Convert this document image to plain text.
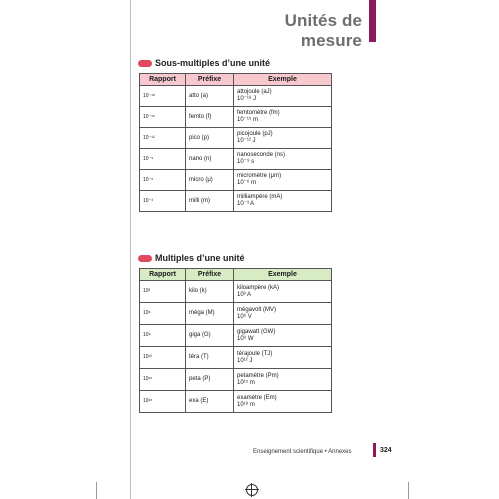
Unités de mesure
Sous-multiples d’une unité
Rapport	Préfixe	Exemple
10⁻¹⁸	atto (a)	attojoule (aJ)
10⁻¹⁸ J

10⁻¹⁵	femto (f)	femtomètre (fm)
10⁻¹⁵ m

10⁻¹²	pico (p)	picojoule (pJ)
10⁻¹² J

10⁻⁹	nano (n)	nanoseconde (ns)
10⁻⁹ s

10⁻⁶	micro (μ)	micromètre (μm)
10⁻⁶ m

10⁻³	milli (m)	milliampère (mA)
10⁻³ A
Multiples d’une unité
Rapport	Préfixe	Exemple
10³	kilo (k)	kiloampère (kA)
10³ A

10⁶	méga (M)	mégavolt (MV)
10⁶ V

10⁹	giga (G)	gigawatt (GW)
10⁹ W

10¹²	téra (T)	térajoule (TJ)
10¹² J

10¹⁵	peta (P)	petamètre (Pm)
10¹⁵ m

10¹⁸	exa (E)	examètre (Em)
10¹⁸ m
Enseignement scientifique • Annexes	324
